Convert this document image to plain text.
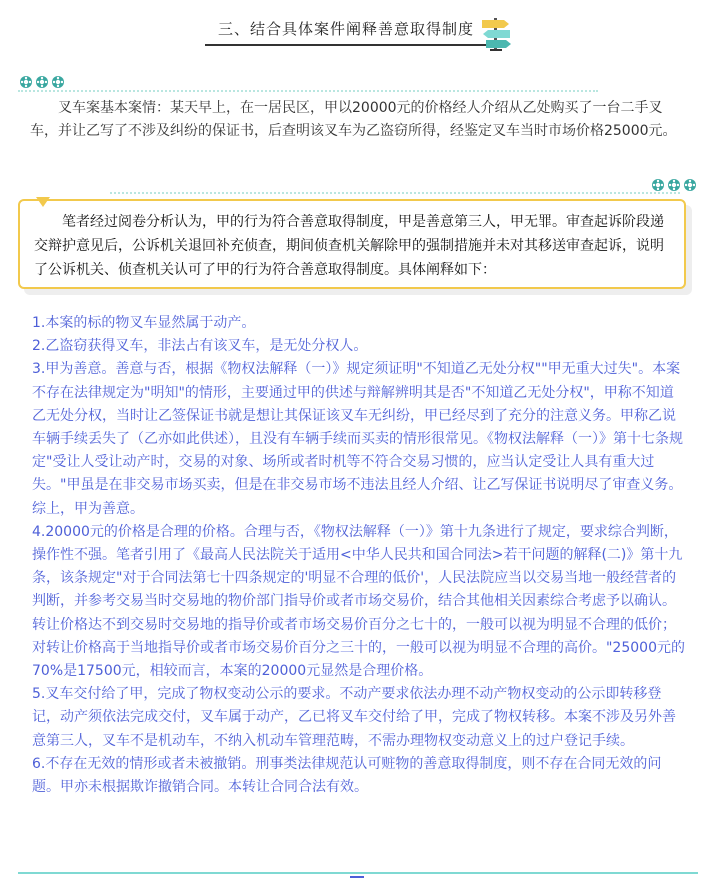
三、结合具体案件阐释善意取得制度

叉车案基本案情：某天早上，在一居民区，甲以20000元的价格经人介绍从乙处购买了一台二手叉车，并让乙写了不涉及纠纷的保证书，后查明该叉车为乙盗窃所得，经鉴定叉车当时市场价格25000元。

笔者经过阅卷分析认为，甲的行为符合善意取得制度，甲是善意第三人，甲无罪。审查起诉阶段递交辩护意见后，公诉机关退回补充侦查，期间侦查机关解除甲的强制措施并未对其移送审查起诉，说明了公诉机关、侦查机关认可了甲的行为符合善意取得制度。具体阐释如下：

1.本案的标的物叉车显然属于动产。

2.乙盗窃获得叉车，非法占有该叉车，是无处分权人。

3.甲为善意。善意与否，根据《物权法解释（一）》规定须证明"不知道乙无处分权""甲无重大过失"。本案不存在法律规定为"明知"的情形，主要通过甲的供述与辩解辨明其是否"不知道乙无处分权"，甲称不知道乙无处分权，当时让乙签保证书就是想让其保证该叉车无纠纷，甲已经尽到了充分的注意义务。甲称乙说车辆手续丢失了（乙亦如此供述），且没有车辆手续而买卖的情形很常见。《物权法解释（一）》第十七条规定"受让人受让动产时，交易的对象、场所或者时机等不符合交易习惯的，应当认定受让人具有重大过失。"甲虽是在非交易市场买卖，但是在非交易市场不违法且经人介绍、让乙写保证书说明尽了审查义务。综上，甲为善意。

4.20000元的价格是合理的价格。合理与否，《物权法解释（一）》第十九条进行了规定，要求综合判断，操作性不强。笔者引用了《最高人民法院关于适用<中华人民共和国合同法>若干问题的解释(二)》第十九条，该条规定"对于合同法第七十四条规定的'明显不合理的低价'，人民法院应当以交易当地一般经营者的判断，并参考交易当时交易地的物价部门指导价或者市场交易价，结合其他相关因素综合考虑予以确认。转让价格达不到交易时交易地的指导价或者市场交易价百分之七十的，一般可以视为明显不合理的低价；对转让价格高于当地指导价或者市场交易价百分之三十的，一般可以视为明显不合理的高价。"25000元的70%是17500元，相较而言，本案的20000元显然是合理价格。

5.叉车交付给了甲，完成了物权变动公示的要求。不动产要求依法办理不动产物权变动的公示即转移登记，动产须依法完成交付，叉车属于动产，乙已将叉车交付给了甲，完成了物权转移。本案不涉及另外善意第三人，叉车不是机动车，不纳入机动车管理范畴，不需办理物权变动意义上的过户登记手续。

6.不存在无效的情形或者未被撤销。刑事类法律规范认可赃物的善意取得制度，则不存在合同无效的问题。甲亦未根据欺诈撤销合同。本转让合同合法有效。
